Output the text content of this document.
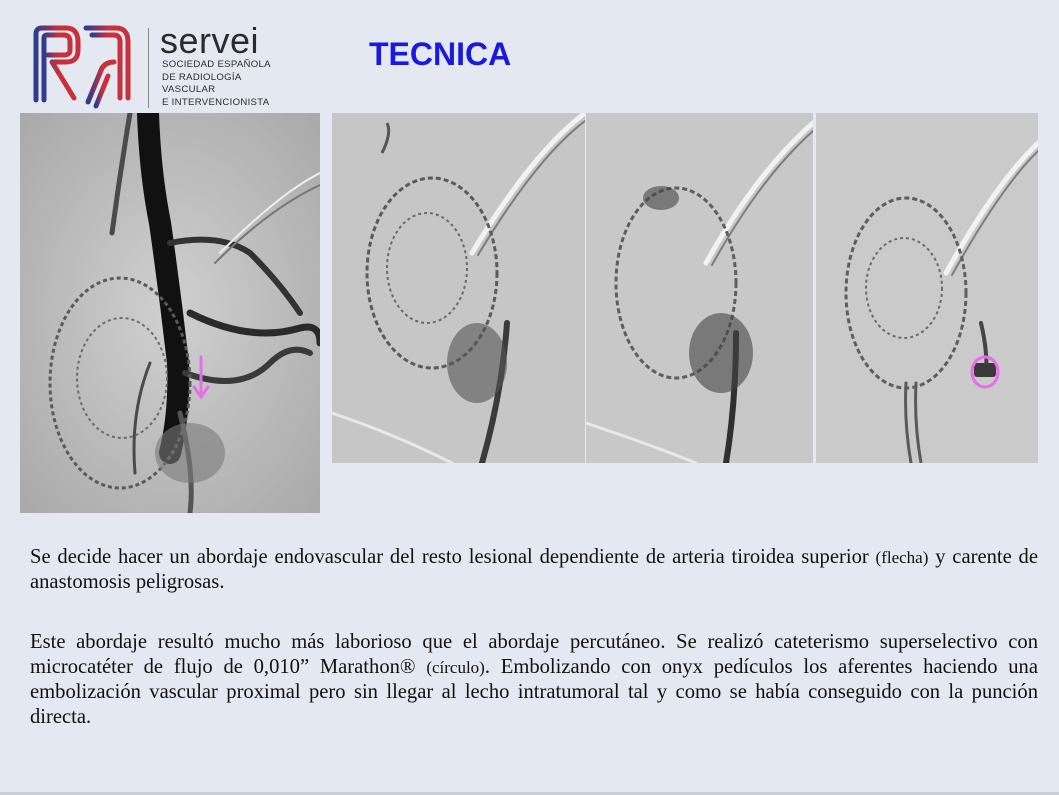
servei
SOCIEDAD ESPAÑOLA
DE RADIOLOGÍA
VASCULAR
E INTERVENCIONISTA
TECNICA
Se decide hacer un abordaje endovascular del resto lesional dependiente de arteria tiroidea superior (flecha) y carente de anastomosis peligrosas.
Este abordaje resultó mucho más laborioso que el abordaje percutáneo. Se realizó cateterismo superselectivo con microcatéter de flujo de 0,010” Marathon® (círculo). Embolizando con onyx pedículos los aferentes haciendo una embolización vascular proximal pero sin llegar al lecho intratumoral tal y como se había conseguido con la punción directa.
